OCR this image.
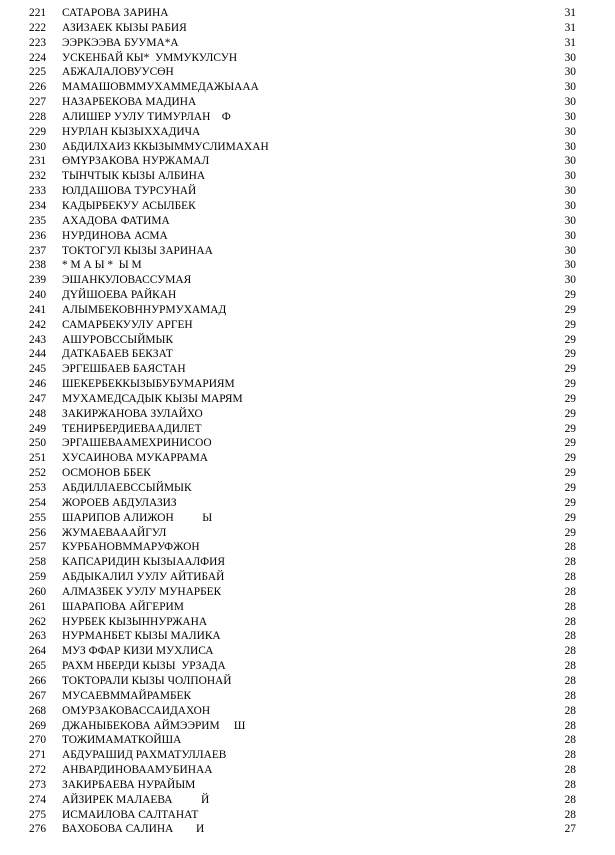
221	САТАРОВА ЗАРИНА	31
222	АЗИЗАЕК КЫЗЫ РАБИЯ	31
223	ЭЭРКЭЭВА БУУМА*А	31
224	УСКЕНБАЙ КЫ*  УММУКУЛСУН	30
225	АБЖАЛАЛОВУУСӨН	30
226	МАМАШОВММУХАММЕДАЖЫААА	30
227	НАЗАРБЕКОВА МАДИНА	30
228	АЛИШЕР УУЛУ ТИМУРЛАН    Ф	30
229	НУРЛАН КЫЗЫХХАДИЧА	30
230	АБДИЛХАИЗ ККЫЗЫММУСЛИМАХАН	30
231	ӨМҮРЗАКОВА НУРЖАМАЛ	30
232	ТЫНЧТЫК КЫЗЫ АЛБИНА	30
233	ЮЛДАШОВА ТУРСУНАЙ	30
234	КАДЫРБЕКУУ АСЫЛБЕК	30
235	АХАДОВА ФАТИМА	30
236	НУРДИНОВА АСМА	30
237	ТОКТОГУЛ КЫЗЫ ЗАРИНАА	30
238	* М А Ы *  Ы М	30
239	ЭШАНКУЛОВАССУМАЯ	30
240	ДҮЙШОЕВА РАЙКАН	29
241	АЛЫМБЕКОВННУРМУХАМАД	29
242	САМАРБЕКУУЛУ АРГЕН	29
243	АШУРОВССЫЙМЫК	29
244	ДАТКАБАЕВ БЕКЗАТ	29
245	ЭРГЕШБАЕВ БАЯСТАН	29
246	ШЕКЕРБЕККЫЗЫБУБУМАРИЯМ	29
247	МУХАМЕДСАДЫК КЫЗЫ МАРЯМ	29
248	ЗАКИРЖАНОВА ЗУЛАЙХО	29
249	ТЕНИРБЕРДИЕВААДИЛЕТ	29
250	ЭРГАШЕВААМЕХРИНИСОО	29
251	ХУСАИНОВА МУКАРРАМА	29
252	ОСМОНОВ ББЕК	29
253	АБДИЛЛАЕВССЫЙМЫК	29
254	ЖОРОЕВ АБДУЛАЗИЗ	29
255	ШАРИПОВ АЛИЖОН          Ы	29
256	ЖУМАЕВАААЙГУЛ	29
257	КУРБАНОВММАРУФЖОН	28
258	КАПСАРИДИН КЫЗЫААЛФИЯ	28
259	АБДЫКАЛИЛ УУЛУ АЙТИБАЙ	28
260	АЛМАЗБЕК УУЛУ МУНАРБЕК	28
261	ШАРАПОВА АЙГЕРИМ	28
262	НУРБЕК КЫЗЫННУРЖАНА	28
263	НУРМАНБЕТ КЫЗЫ МАЛИКА	28
264	МУЗ ФФАР КИЗИ МУХЛИСА	28
265	РАХМ НБЕРДИ КЫЗЫ  УРЗАДА	28
266	ТОКТОРАЛИ КЫЗЫ ЧОЛПОНАЙ	28
267	МУСАЕВММАЙРАМБЕК	28
268	ОМУРЗАКОВАССАИДАХОН	28
269	ДЖАНЫБЕКОВА АЙМЭЭРИМ     Ш	28
270	ТОЖИМАМАТКОЙША	28
271	АБДУРАШИД РАХМАТУЛЛАЕВ	28
272	АНВАРДИНОВААМУБИНАА	28
273	ЗАКИРБАЕВА НУРАЙЫМ	28
274	АЙЗИРЕК МАЛАЕВА          Й	28
275	ИСМАИЛОВА САЛТАНАТ	28
276	ВАХОБОВА САЛИНА        И	27
